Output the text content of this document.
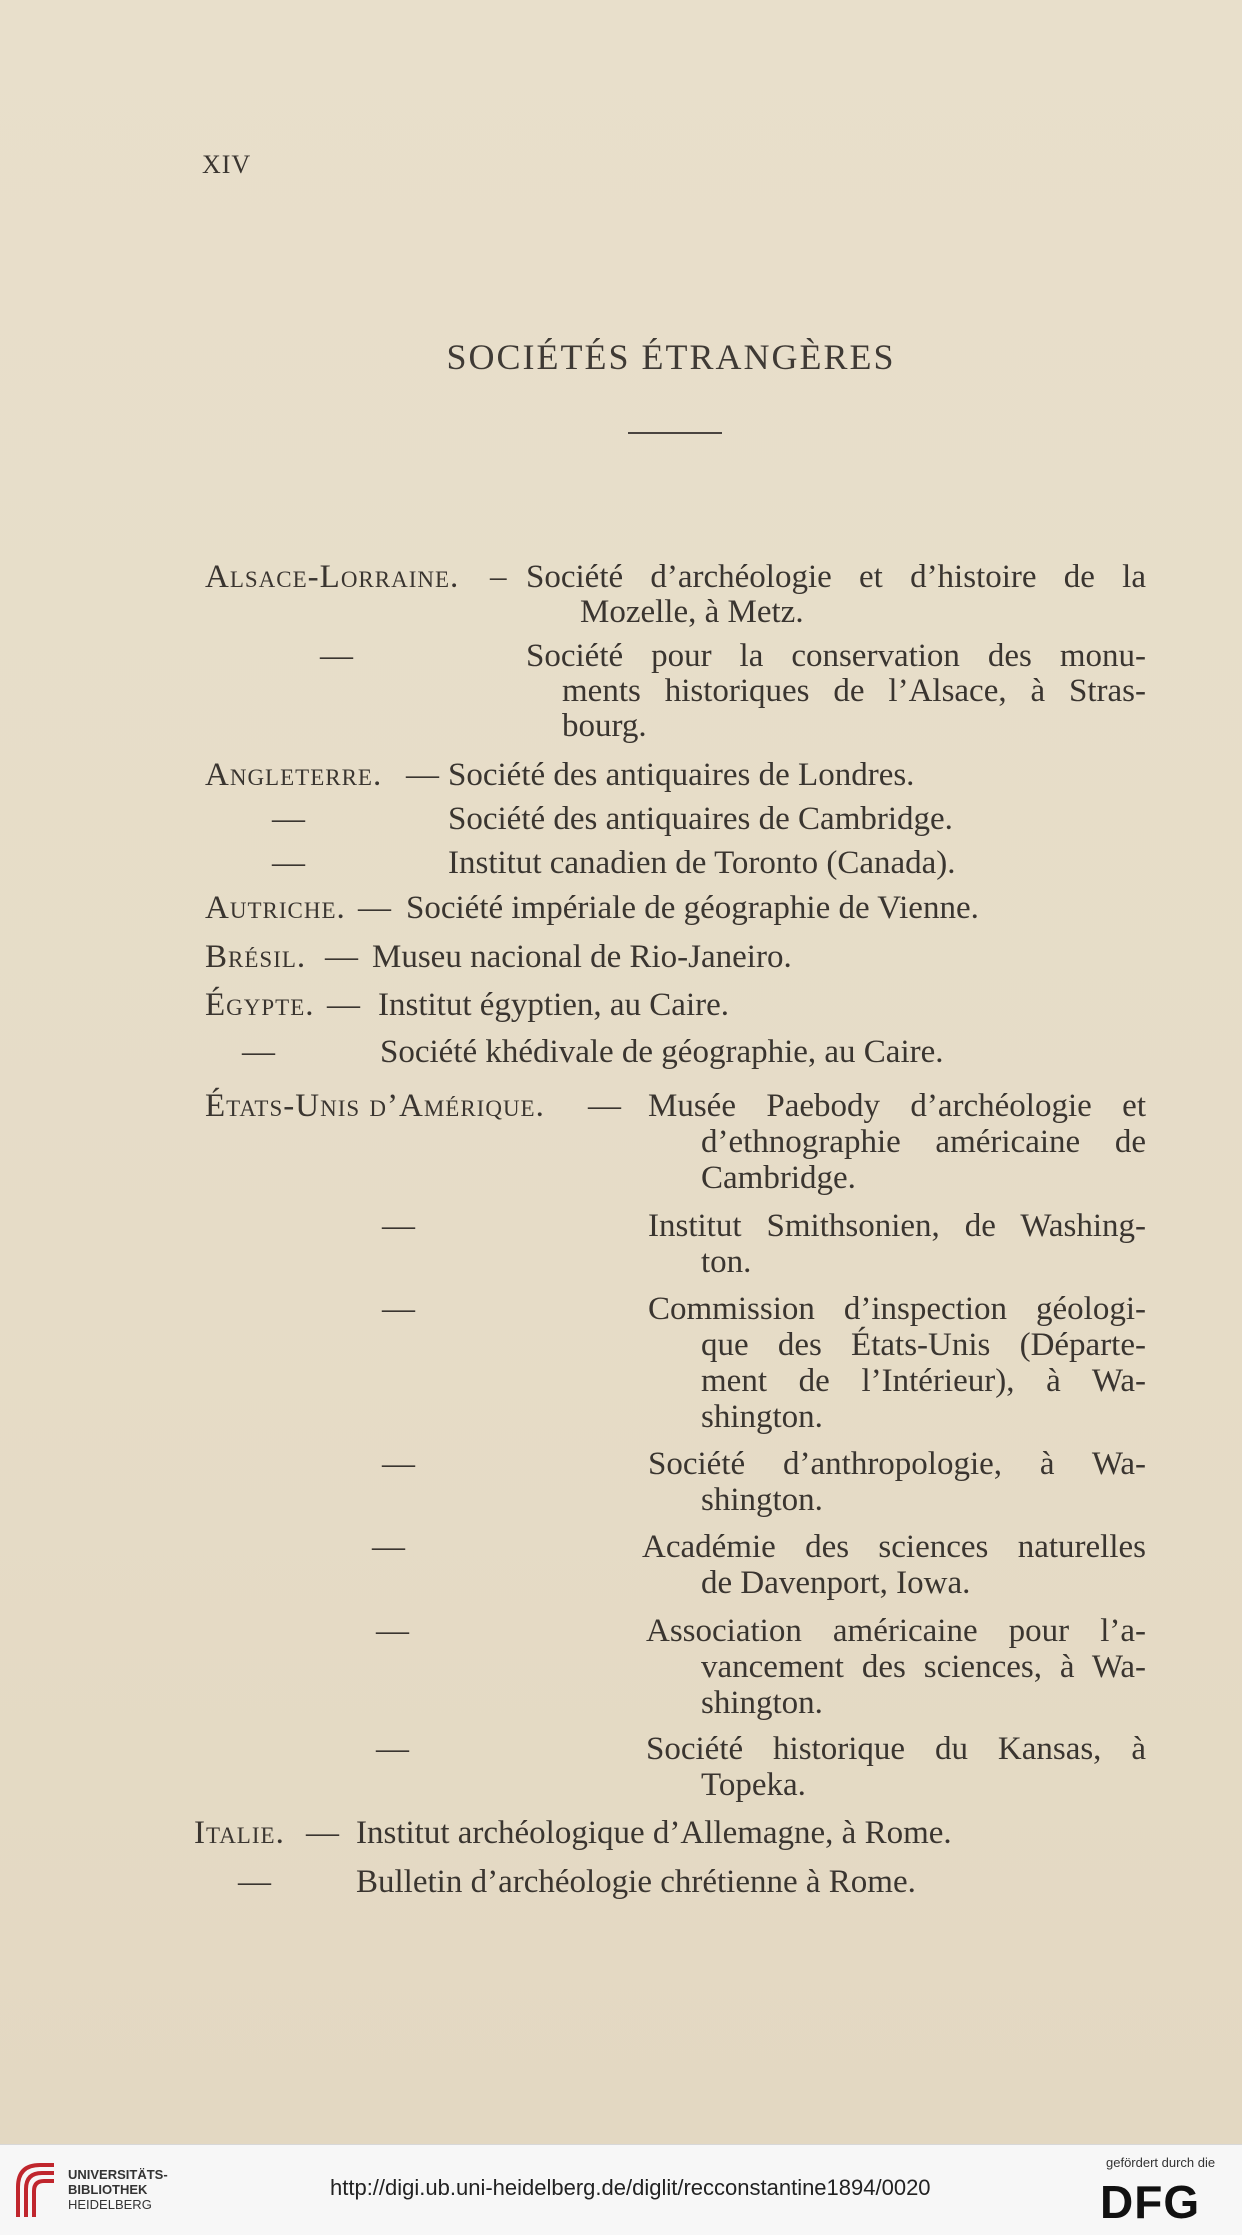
XIV
SOCIÉTÉS ÉTRANGÈRES
Alsace-Lorraine. – Société d’archéologie et d’histoire de la
Mozelle, à Metz.
—	Société pour la conservation des monu-
ments historiques de l’Alsace, à Stras-
bourg.
Angleterre. — Société des antiquaires de Londres.
—	Société des antiquaires de Cambridge.
—	Institut canadien de Toronto (Canada).
Autriche. — Société impériale de géographie de Vienne.
Brésil. — Museu nacional de Rio-Janeiro.
Égypte. — Institut égyptien, au Caire.
—	Société khédivale de géographie, au Caire.
États-Unis d’Amérique. — Musée Paebody d’archéologie et
d’ethnographie américaine de
Cambridge.
—	Institut Smithsonien, de Washing-
ton.
—	Commission d’inspection géologi-
que des États-Unis (Départe-
ment de l’Intérieur), à Wa-
shington.
—	Société d’anthropologie, à Wa-
shington.
—	Académie des sciences naturelles
de Davenport, Iowa.
—	Association américaine pour l’a-
vancement des sciences, à Wa-
shington.
—	Société historique du Kansas, à
Topeka.
Italie. — Institut archéologique d’Allemagne, à Rome.
—	Bulletin d’archéologie chrétienne à Rome.
UNIVERSITÄTS-
BIBLIOTHEK
HEIDELBERG
http://digi.ub.uni-heidelberg.de/diglit/recconstantine1894/0020
gefördert durch die
DFG
